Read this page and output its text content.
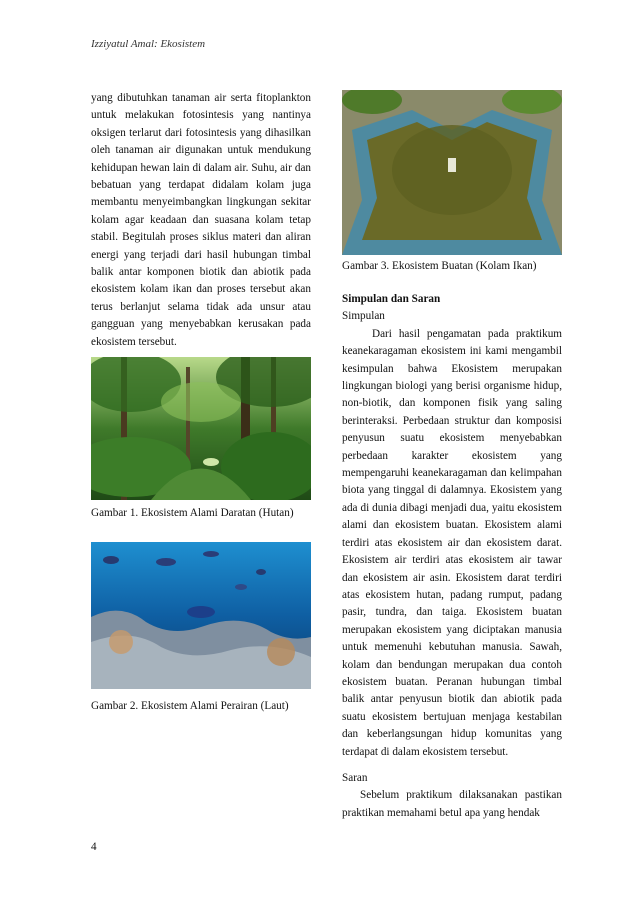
Izziyatul Amal: Ekosistem

yang dibutuhkan tanaman air serta fitoplankton untuk melakukan fotosintesis yang nantinya oksigen terlarut dari fotosintesis yang dihasilkan oleh tanaman air digunakan untuk mendukung kehidupan hewan lain di dalam air. Suhu, air dan bebatuan yang terdapat didalam kolam juga membantu menyeimbangkan lingkungan sekitar kolam agar keadaan dan suasana kolam tetap stabil. Begitulah proses siklus materi dan aliran energi yang terjadi dari hasil hubungan timbal balik antar komponen biotik dan abiotik pada ekosistem kolam ikan dan proses tersebut akan terus berlanjut selama tidak ada unsur atau gangguan yang menyebabkan kerusakan pada ekosistem tersebut.

Gambar 1. Ekosistem Alami Daratan (Hutan)
Gambar 2. Ekosistem Alami Perairan (Laut)
Gambar 3. Ekosistem Buatan (Kolam Ikan)
Simpulan dan Saran
Simpulan

Dari hasil pengamatan pada praktikum keanekaragaman ekosistem ini kami mengambil kesimpulan bahwa Ekosistem merupakan lingkungan biologi yang berisi organisme hidup, non-biotik, dan komponen fisik yang saling berinteraksi. Perbedaan struktur dan komposisi penyusun suatu ekosistem menyebabkan perbedaan karakter ekosistem yang mempengaruhi keanekaragaman dan kelimpahan biota yang tinggal di dalamnya. Ekosistem yang ada di dunia dibagi menjadi dua, yaitu ekosistem alami dan ekosistem buatan. Ekosistem alami terdiri atas ekosistem air dan ekosistem darat. Ekosistem air terdiri atas ekosistem air tawar dan ekosistem air asin. Ekosistem darat terdiri atas ekosistem hutan, padang rumput, padang pasir, tundra, dan taiga. Ekosistem buatan merupakan ekosistem yang diciptakan manusia untuk memenuhi kebutuhan manusia. Sawah, kolam dan bendungan merupakan dua contoh ekosistem buatan. Peranan hubungan timbal balik antar penyusun biotik dan abiotik pada suatu ekosistem bertujuan menjaga kestabilan dan keberlangsungan hidup komunitas yang terdapat di dalam ekosistem tersebut.

Saran

Sebelum praktikum dilaksanakan pastikan praktikan memahami betul apa yang hendak

4
